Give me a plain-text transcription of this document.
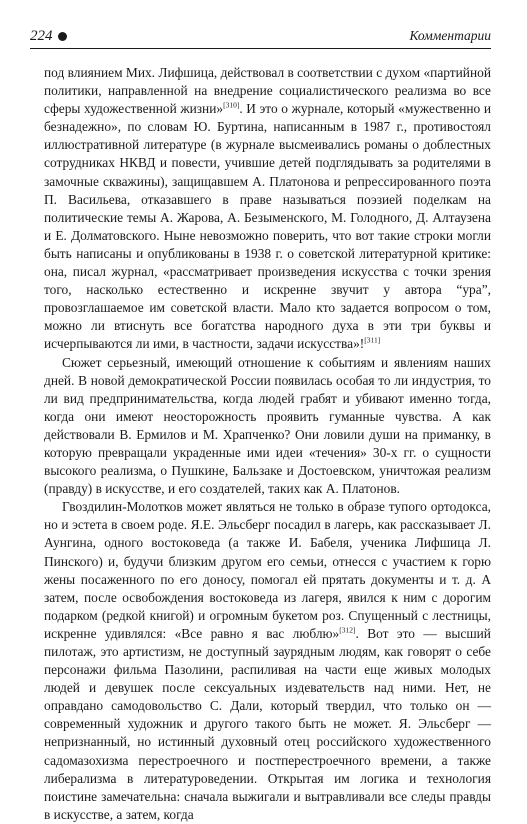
224	Комментарии

под влиянием Мих. Лифшица, действовал в соответствии с духом «партийной политики, направленной на внедрение социалистического реализма во все сферы художественной жизни»[310]. И это о журнале, который «мужественно и безнадежно», по словам Ю. Буртина, написанным в 1987 г., противостоял иллюстративной литературе (в журнале высмеивались романы о доблестных сотрудниках НКВД и повести, учившие детей подглядывать за родителями в замочные скважины), защищавшем А. Платонова и репрессированного поэта П. Васильева, отказавшего в праве называться поэзией поделкам на политические темы А. Жарова, А. Безыменского, М. Голодного, Д. Алтаузена и Е. Долматовского. Ныне невозможно поверить, что вот такие строки могли быть написаны и опубликованы в 1938 г. о советской литературной критике: она, писал журнал, «рассматривает произведения искусства с точки зрения того, насколько естественно и искренне звучит у автора “ура”, провозглашаемое им советской власти. Мало кто задается вопросом о том, можно ли втиснуть все богатства народного духа в эти три буквы и исчерпываются ли ими, в частности, задачи искусства»![311]

Сюжет серьезный, имеющий отношение к событиям и явлениям наших дней. В новой демократической России появилась особая то ли индустрия, то ли вид предпринимательства, когда людей грабят и убивают именно тогда, когда они имеют неосторожность проявить гуманные чувства. А как действовали В. Ермилов и М. Храпченко? Они ловили души на приманку, в которую превращали украденные ими идеи «течения» 30-х гг. о сущности высокого реализма, о Пушкине, Бальзаке и Достоевском, уничтожая реализм (правду) в искусстве, и его создателей, таких как А. Платонов.

Гвоздилин-Молотков может являться не только в образе тупого ортодокса, но и эстета в своем роде. Я.Е. Эльсберг посадил в лагерь, как рассказывает Л. Аунгина, одного востоковеда (а также И. Бабеля, ученика Лифшица Л. Пинского) и, будучи близким другом его семьи, отнесся с участием к горю жены посаженного по его доносу, помогал ей прятать документы и т. д. А затем, после освобождения востоковеда из лагеря, явился к ним с дорогим подарком (редкой книгой) и огромным букетом роз. Спущенный с лестницы, искренне удивлялся: «Все равно я вас люблю»[312]. Вот это — высший пилотаж, это артистизм, не доступный заурядным людям, как говорят о себе персонажи фильма Пазолини, распиливая на части еще живых молодых людей и девушек после сексуальных издевательств над ними. Нет, не оправдано самодовольство С. Дали, который твердил, что только он — современный художник и другого такого быть не может. Я. Эльсберг — непризнанный, но истинный духовный отец российского художественного садомазохизма перестроечного и постперестроечного времени, а также либерализма в литературоведении. Открытая им логика и технология поистине замечательна: сначала выжигали и вытравливали все следы правды в искусстве, а затем, когда
